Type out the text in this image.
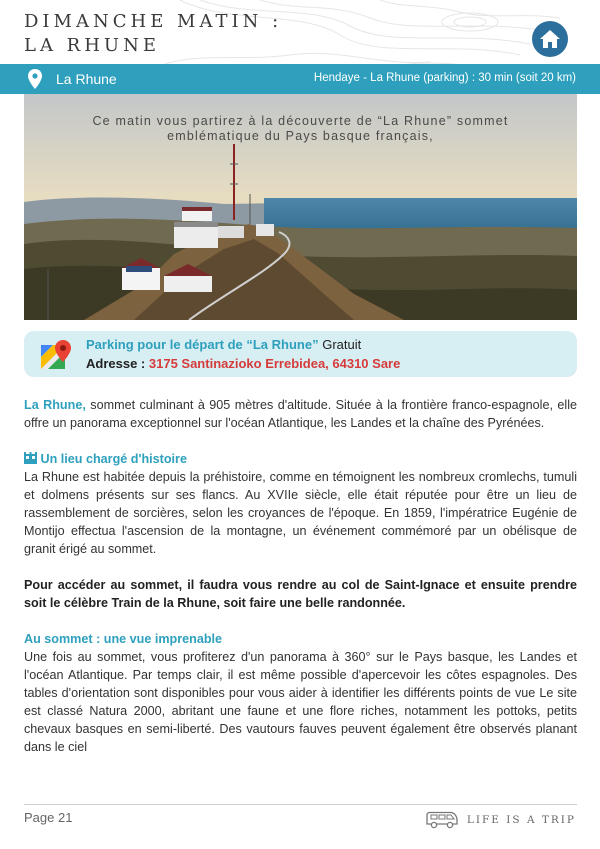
DIMANCHE MATIN :
LA RHUNE
La Rhune	Hendaye - La Rhune (parking) : 30 min (soit 20 km)
Ce matin vous partirez à la découverte de “La Rhune” sommet
emblématique du Pays basque français,
Parking pour le départ de “La Rhune” Gratuit
Adresse : 3175 Santinazioko Errebidea, 64310 Sare

La Rhune, sommet culminant à 905 mètres d'altitude. Située à la frontière franco-espagnole, elle offre un panorama exceptionnel sur l'océan Atlantique, les Landes et la chaîne des Pyrénées.

Un lieu chargé d'histoire

La Rhune est habitée depuis la préhistoire, comme en témoignent les nombreux cromlechs, tumuli et dolmens présents sur ses flancs. Au XVIIe siècle, elle était réputée pour être un lieu de rassemblement de sorcières, selon les croyances de l'époque. En 1859, l'impératrice Eugénie de Montijo effectua l'ascension de la montagne, un événement commémoré par un obélisque de granit érigé au sommet.

Pour accéder au sommet, il faudra vous rendre au col de Saint-Ignace et ensuite prendre soit le célèbre Train de la Rhune, soit faire une belle randonnée.

Au sommet : une vue imprenable

Une fois au sommet, vous profiterez d'un panorama à 360° sur le Pays basque, les Landes et l'océan Atlantique. Par temps clair, il est même possible d'apercevoir les côtes espagnoles. Des tables d'orientation sont disponibles pour vous aider à identifier les différents points de vue Le site est classé Natura 2000, abritant une faune et une flore riches, notamment les pottoks, petits chevaux basques en semi-liberté. Des vautours fauves peuvent également être observés planant dans le ciel

Page 21	LIFE IS A TRIP
